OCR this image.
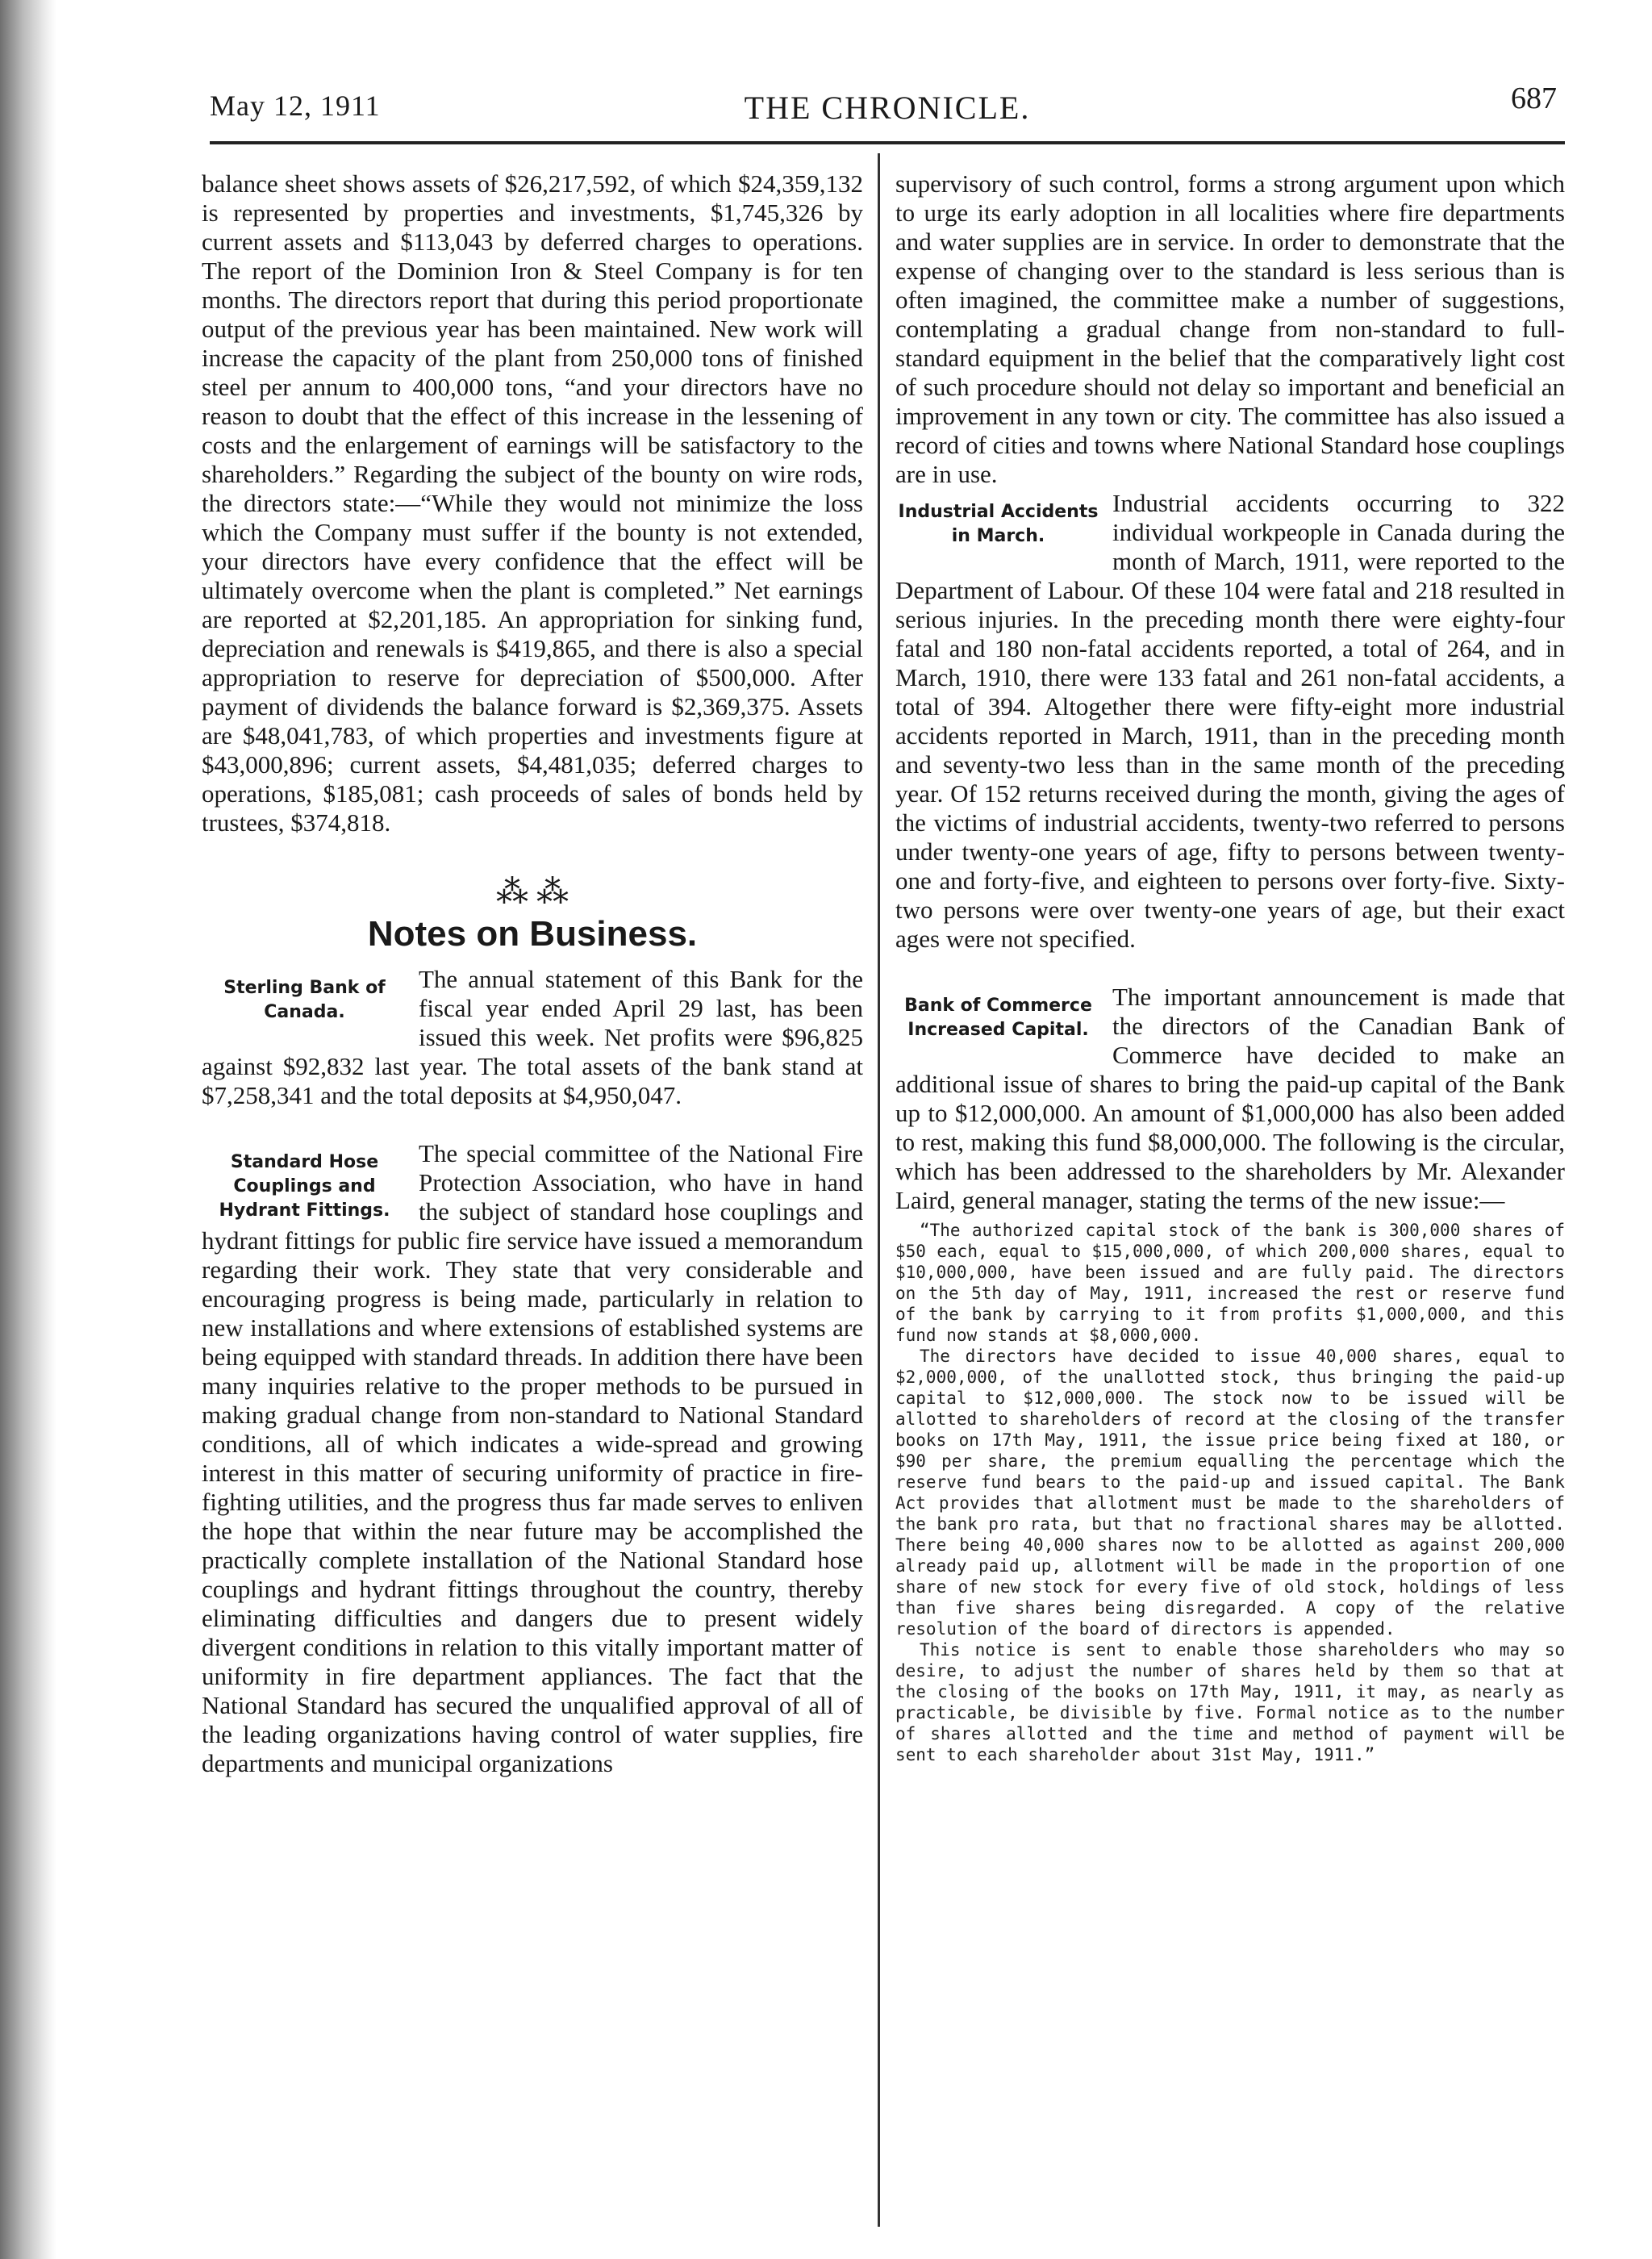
May 12, 1911	THE CHRONICLE.	687

balance sheet shows assets of $26,217,592, of which $24,359,132 is represented by properties and investments, $1,745,326 by current assets and $113,043 by deferred charges to operations. The report of the Dominion Iron & Steel Company is for ten months. The directors report that during this period proportionate output of the previous year has been maintained. New work will increase the capacity of the plant from 250,000 tons of finished steel per annum to 400,000 tons, “and your directors have no reason to doubt that the effect of this increase in the lessening of costs and the enlargement of earnings will be satisfactory to the shareholders.” Regarding the subject of the bounty on wire rods, the directors state:—“While they would not minimize the loss which the Company must suffer if the bounty is not extended, your directors have every confidence that the effect will be ultimately overcome when the plant is completed.” Net earnings are reported at $2,201,185. An appropriation for sinking fund, depreciation and renewals is $419,865, and there is also a special appropriation to reserve for depreciation of $500,000. After payment of dividends the balance forward is $2,369,375. Assets are $48,041,783, of which properties and investments figure at $43,000,896; current assets, $4,481,035; deferred charges to operations, $185,081; cash proceeds of sales of bonds held by trustees, $374,818.

⁂ ⁂
Notes on Business.
Sterling Bank of Canada.

The annual statement of this Bank for the fiscal year ended April 29 last, has been issued this week. Net profits were $96,825 against $92,832 last year. The total assets of the bank stand at $7,258,341 and the total deposits at $4,950,047.

Standard Hose Couplings and Hydrant Fittings.

The special committee of the National Fire Protection Association, who have in hand the subject of standard hose couplings and hydrant fittings for public fire service have issued a memorandum regarding their work. They state that very considerable and encouraging progress is being made, particularly in relation to new installations and where extensions of established systems are being equipped with standard threads. In addition there have been many inquiries relative to the proper methods to be pursued in making gradual change from non-standard to National Standard conditions, all of which indicates a wide-spread and growing interest in this matter of securing uniformity of practice in fire-fighting utilities, and the progress thus far made serves to enliven the hope that within the near future may be accomplished the practically complete installation of the National Standard hose couplings and hydrant fittings throughout the country, thereby eliminating difficulties and dangers due to present widely divergent conditions in relation to this vitally important matter of uniformity in fire department appliances. The fact that the National Standard has secured the unqualified approval of all of the leading organizations having control of water supplies, fire departments and municipal organizations

supervisory of such control, forms a strong argument upon which to urge its early adoption in all localities where fire departments and water supplies are in service. In order to demonstrate that the expense of changing over to the standard is less serious than is often imagined, the committee make a number of suggestions, contemplating a gradual change from non-standard to full-standard equipment in the belief that the comparatively light cost of such procedure should not delay so important and beneficial an improvement in any town or city. The committee has also issued a record of cities and towns where National Standard hose couplings are in use.

Industrial Accidents in March.

Industrial accidents occurring to 322 individual workpeople in Canada during the month of March, 1911, were reported to the Department of Labour. Of these 104 were fatal and 218 resulted in serious injuries. In the preceding month there were eighty-four fatal and 180 non-fatal accidents reported, a total of 264, and in March, 1910, there were 133 fatal and 261 non-fatal accidents, a total of 394. Altogether there were fifty-eight more industrial accidents reported in March, 1911, than in the preceding month and seventy-two less than in the same month of the preceding year. Of 152 returns received during the month, giving the ages of the victims of industrial accidents, twenty-two referred to persons under twenty-one years of age, fifty to persons between twenty-one and forty-five, and eighteen to persons over forty-five. Sixty-two persons were over twenty-one years of age, but their exact ages were not specified.

Bank of Commerce Increased Capital.

The important announcement is made that the directors of the Canadian Bank of Commerce have decided to make an additional issue of shares to bring the paid-up capital of the Bank up to $12,000,000. An amount of $1,000,000 has also been added to rest, making this fund $8,000,000. The following is the circular, which has been addressed to the shareholders by Mr. Alexander Laird, general manager, stating the terms of the new issue:—

“The authorized capital stock of the bank is 300,000 shares of $50 each, equal to $15,000,000, of which 200,000 shares, equal to $10,000,000, have been issued and are fully paid. The directors on the 5th day of May, 1911, increased the rest or reserve fund of the bank by carrying to it from profits $1,000,000, and this fund now stands at $8,000,000.

The directors have decided to issue 40,000 shares, equal to $2,000,000, of the unallotted stock, thus bringing the paid-up capital to $12,000,000. The stock now to be issued will be allotted to shareholders of record at the closing of the transfer books on 17th May, 1911, the issue price being fixed at 180, or $90 per share, the premium equalling the percentage which the reserve fund bears to the paid-up and issued capital. The Bank Act provides that allotment must be made to the shareholders of the bank pro rata, but that no fractional shares may be allotted. There being 40,000 shares now to be allotted as against 200,000 already paid up, allotment will be made in the proportion of one share of new stock for every five of old stock, holdings of less than five shares being disregarded. A copy of the relative resolution of the board of directors is appended.

This notice is sent to enable those shareholders who may so desire, to adjust the number of shares held by them so that at the closing of the books on 17th May, 1911, it may, as nearly as practicable, be divisible by five. Formal notice as to the number of shares allotted and the time and method of payment will be sent to each shareholder about 31st May, 1911.”
